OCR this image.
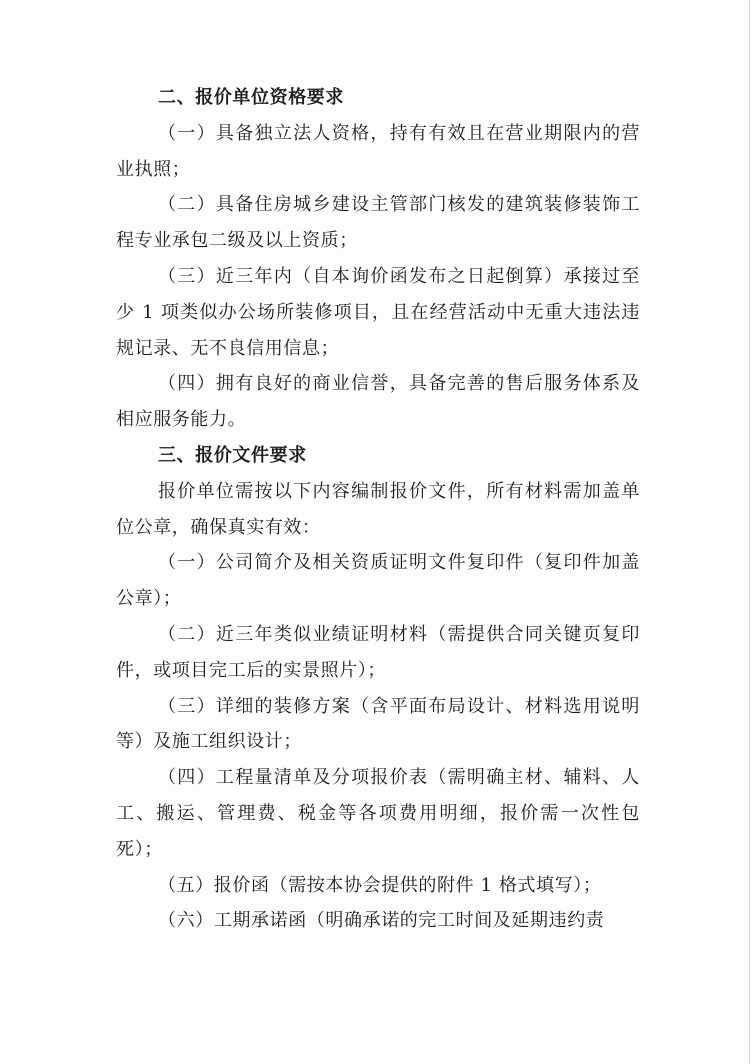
二、报价单位资格要求

（一）具备独立法人资格，持有有效且在营业期限内的营业执照；

（二）具备住房城乡建设主管部门核发的建筑装修装饰工程专业承包二级及以上资质；

（三）近三年内（自本询价函发布之日起倒算）承接过至少 1 项类似办公场所装修项目，且在经营活动中无重大违法违规记录、无不良信用信息；

（四）拥有良好的商业信誉，具备完善的售后服务体系及相应服务能力。

三、报价文件要求

报价单位需按以下内容编制报价文件，所有材料需加盖单位公章，确保真实有效：

（一）公司简介及相关资质证明文件复印件（复印件加盖公章）；

（二）近三年类似业绩证明材料（需提供合同关键页复印件，或项目完工后的实景照片）；

（三）详细的装修方案（含平面布局设计、材料选用说明等）及施工组织设计；

（四）工程量清单及分项报价表（需明确主材、辅料、人工、搬运、管理费、税金等各项费用明细，报价需一次性包死）；

（五）报价函（需按本协会提供的附件 1 格式填写）；

（六）工期承诺函（明确承诺的完工时间及延期违约责
